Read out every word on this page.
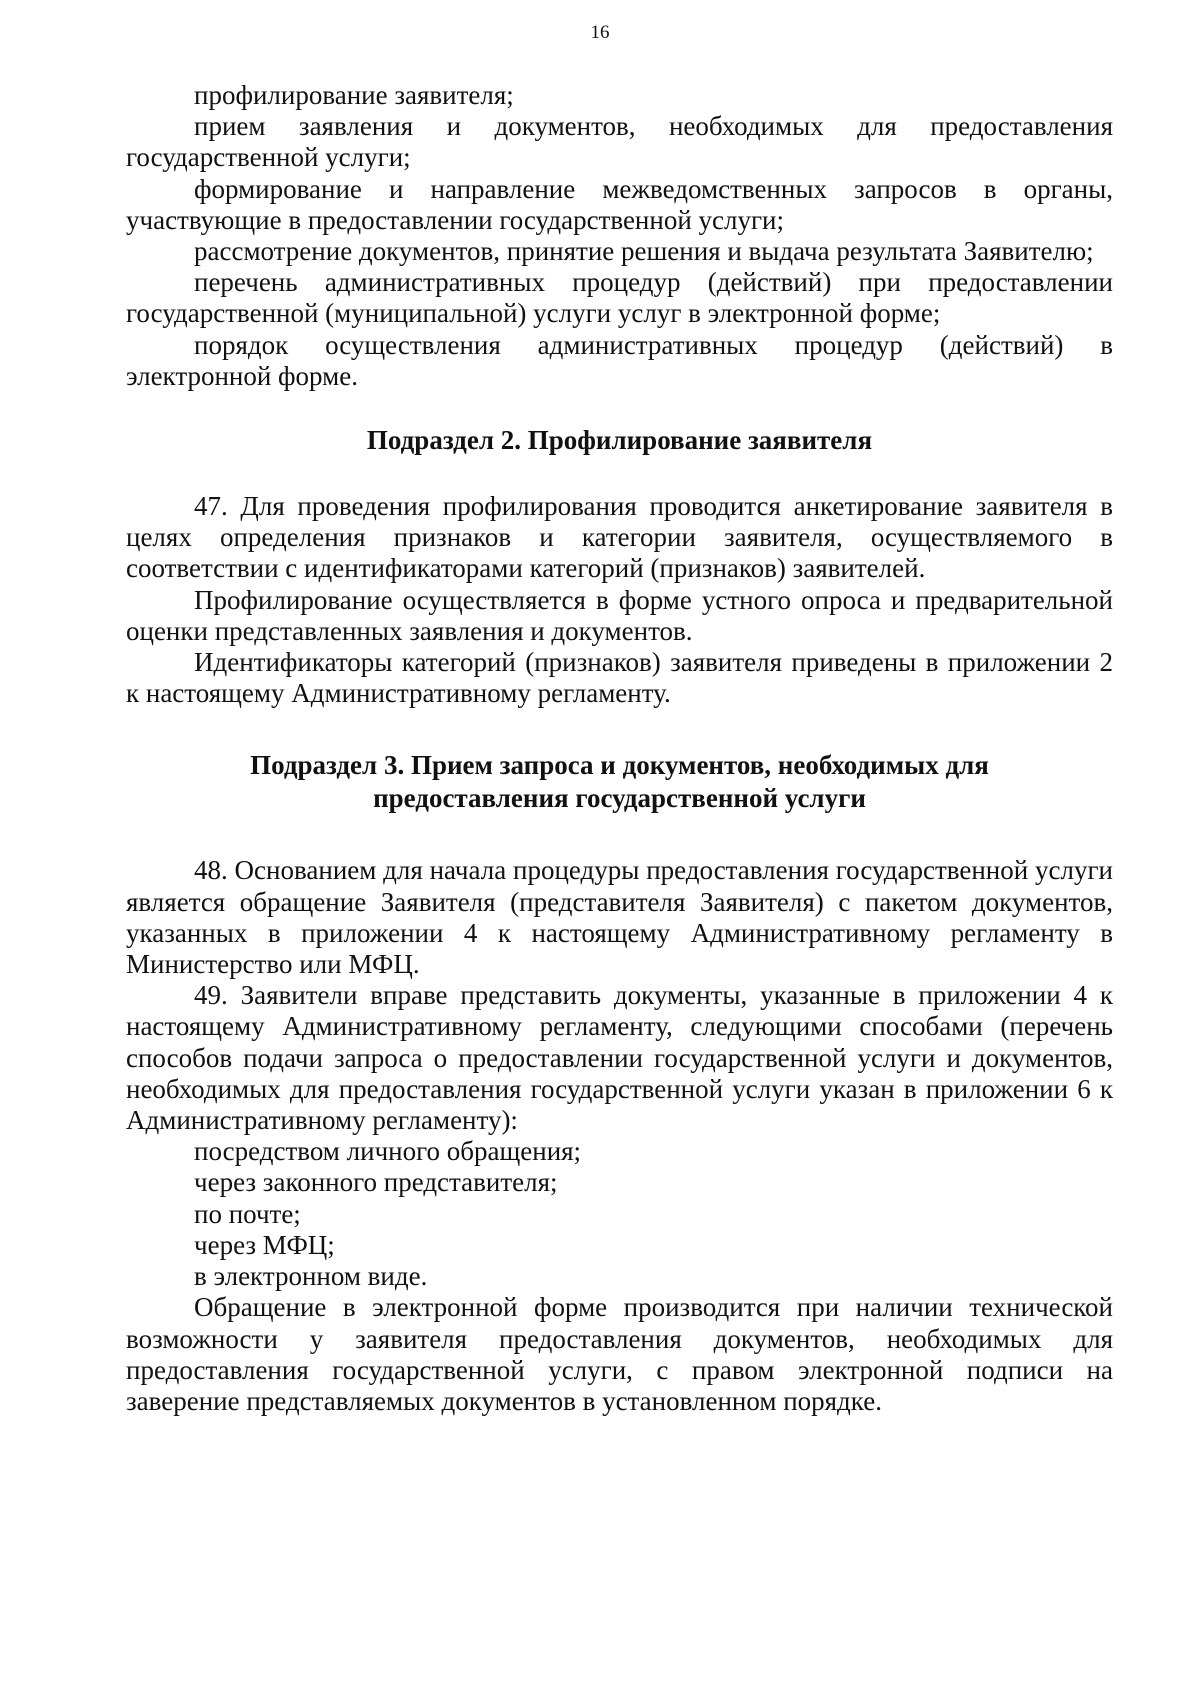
16

профилирование заявителя;

прием заявления и документов, необходимых для предоставления государственной услуги;

формирование и направление межведомственных запросов в органы, участвующие в предоставлении государственной услуги;

рассмотрение документов, принятие решения и выдача результата Заявителю;

перечень административных процедур (действий) при предоставлении государственной (муниципальной) услуги услуг в электронной форме;

порядок осуществления административных процедур (действий) в электронной форме.

Подраздел 2. Профилирование заявителя

47. Для проведения профилирования проводится анкетирование заявителя в целях определения признаков и категории заявителя, осуществляемого в соответствии с идентификаторами категорий (признаков) заявителей.

Профилирование осуществляется в форме устного опроса и предварительной оценки представленных заявления и документов.

Идентификаторы категорий (признаков) заявителя приведены в приложении 2 к настоящему Административному регламенту.

Подраздел 3. Прием запроса и документов, необходимых для
предоставления государственной услуги

48. Основанием для начала процедуры предоставления государственной услуги является обращение Заявителя (представителя Заявителя) с пакетом документов, указанных в приложении 4 к настоящему Административному регламенту в Министерство или МФЦ.

49. Заявители вправе представить документы, указанные в приложении 4 к настоящему Административному регламенту, следующими способами (перечень способов подачи запроса о предоставлении государственной услуги и документов, необходимых для предоставления государственной услуги указан в приложении 6 к Административному регламенту):

посредством личного обращения;

через законного представителя;

по почте;

через МФЦ;

в электронном виде.

Обращение в электронной форме производится при наличии технической возможности у заявителя предоставления документов, необходимых для предоставления государственной услуги, с правом электронной подписи на заверение представляемых документов в установленном порядке.
